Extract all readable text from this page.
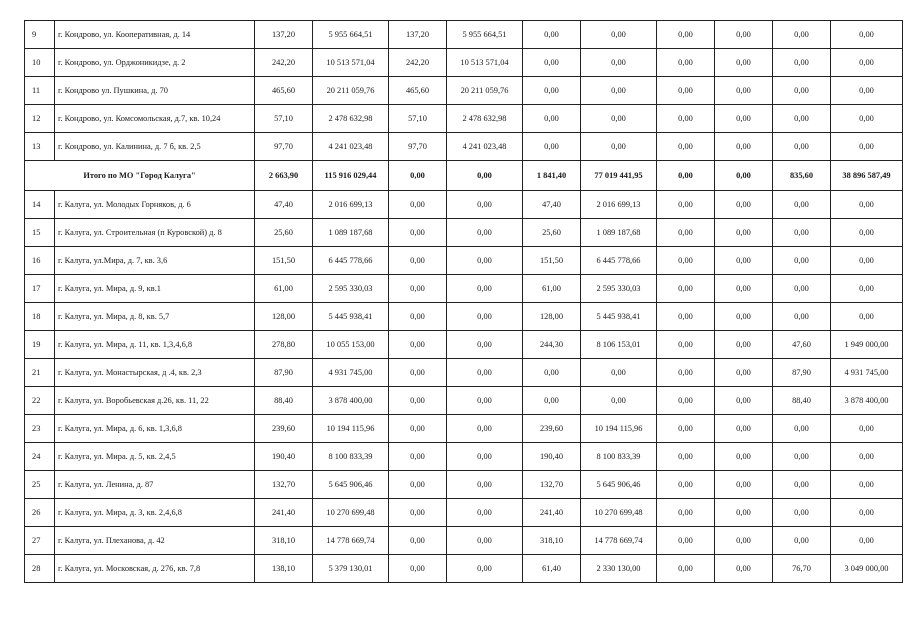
9	г. Кондрово, ул. Кооперативная, д. 14	137,20	5 955 664,51	137,20	5 955 664,51	0,00	0,00	0,00	0,00	0,00	0,00
10	г. Кондрово, ул. Орджоникидзе, д. 2	242,20	10 513 571,04	242,20	10 513 571,04	0,00	0,00	0,00	0,00	0,00	0,00
11	г. Кондрово ул. Пушкина, д. 70	465,60	20 211 059,76	465,60	20 211 059,76	0,00	0,00	0,00	0,00	0,00	0,00
12	г. Кондрово, ул. Комсомольская, д.7, кв. 10,24	57,10	2 478 632,98	57,10	2 478 632,98	0,00	0,00	0,00	0,00	0,00	0,00
13	г. Кондрово, ул. Калинина, д. 7 б, кв. 2,5	97,70	4 241 023,48	97,70	4 241 023,48	0,00	0,00	0,00	0,00	0,00	0,00
Итого по МО "Город Калуга"		2 663,90	115 916 029,44	0,00	0,00	1 841,40	77 019 441,95	0,00	0,00	835,60	38 896 587,49
14	г. Калуга, ул. Молодых Горняков, д. 6	47,40	2 016 699,13	0,00	0,00	47,40	2 016 699,13	0,00	0,00	0,00	0,00
15	г. Калуга, ул. Строительная (п Куровской) д. 8	25,60	1 089 187,68	0,00	0,00	25,60	1 089 187,68	0,00	0,00	0,00	0,00
16	г. Калуга, ул.Мира, д. 7, кв. 3,6	151,50	6 445 778,66	0,00	0,00	151,50	6 445 778,66	0,00	0,00	0,00	0,00
17	г. Калуга, ул. Мира, д. 9, кв.1	61,00	2 595 330,03	0,00	0,00	61,00	2 595 330,03	0,00	0,00	0,00	0,00
18	г. Калуга, ул. Мира, д. 8, кв. 5,7	128,00	5 445 938,41	0,00	0,00	128,00	5 445 938,41	0,00	0,00	0,00	0,00
19	г. Калуга, ул. Мира, д. 11, кв. 1,3,4,6,8	278,80	10 055 153,00	0,00	0,00	244,30	8 106 153,01	0,00	0,00	47,60	1 949 000,00
21	г. Калуга, ул. Монастырская, д .4, кв. 2,3	87,90	4 931 745,00	0,00	0,00	0,00	0,00	0,00	0,00	87,90	4 931 745,00
22	г. Калуга, ул. Воробьевская д.26, кв. 11, 22	88,40	3 878 400,00	0,00	0,00	0,00	0,00	0,00	0,00	88,40	3 878 400,00
23	г. Калуга, ул. Мира, д. 6, кв. 1,3,6,8	239,60	10 194 115,96	0,00	0,00	239,60	10 194 115,96	0,00	0,00	0,00	0,00
24	г. Калуга, ул. Мира. д. 5, кв. 2,4,5	190,40	8 100 833,39	0,00	0,00	190,40	8 100 833,39	0,00	0,00	0,00	0,00
25	г. Калуга, ул. Ленина, д. 87	132,70	5 645 906,46	0,00	0,00	132,70	5 645 906,46	0,00	0,00	0,00	0,00
26	г. Калуга, ул. Мира, д. 3, кв. 2,4,6,8	241,40	10 270 699,48	0,00	0,00	241,40	10 270 699,48	0,00	0,00	0,00	0,00
27	г. Калуга, ул. Плеханова, д. 42	318,10	14 778 669,74	0,00	0,00	318,10	14 778 669,74	0,00	0,00	0,00	0,00
28	г. Калуга, ул. Московская, д. 276, кв. 7,8	138,10	5 379 130,01	0,00	0,00	61,40	2 330 130,00	0,00	0,00	76,70	3 049 000,00
